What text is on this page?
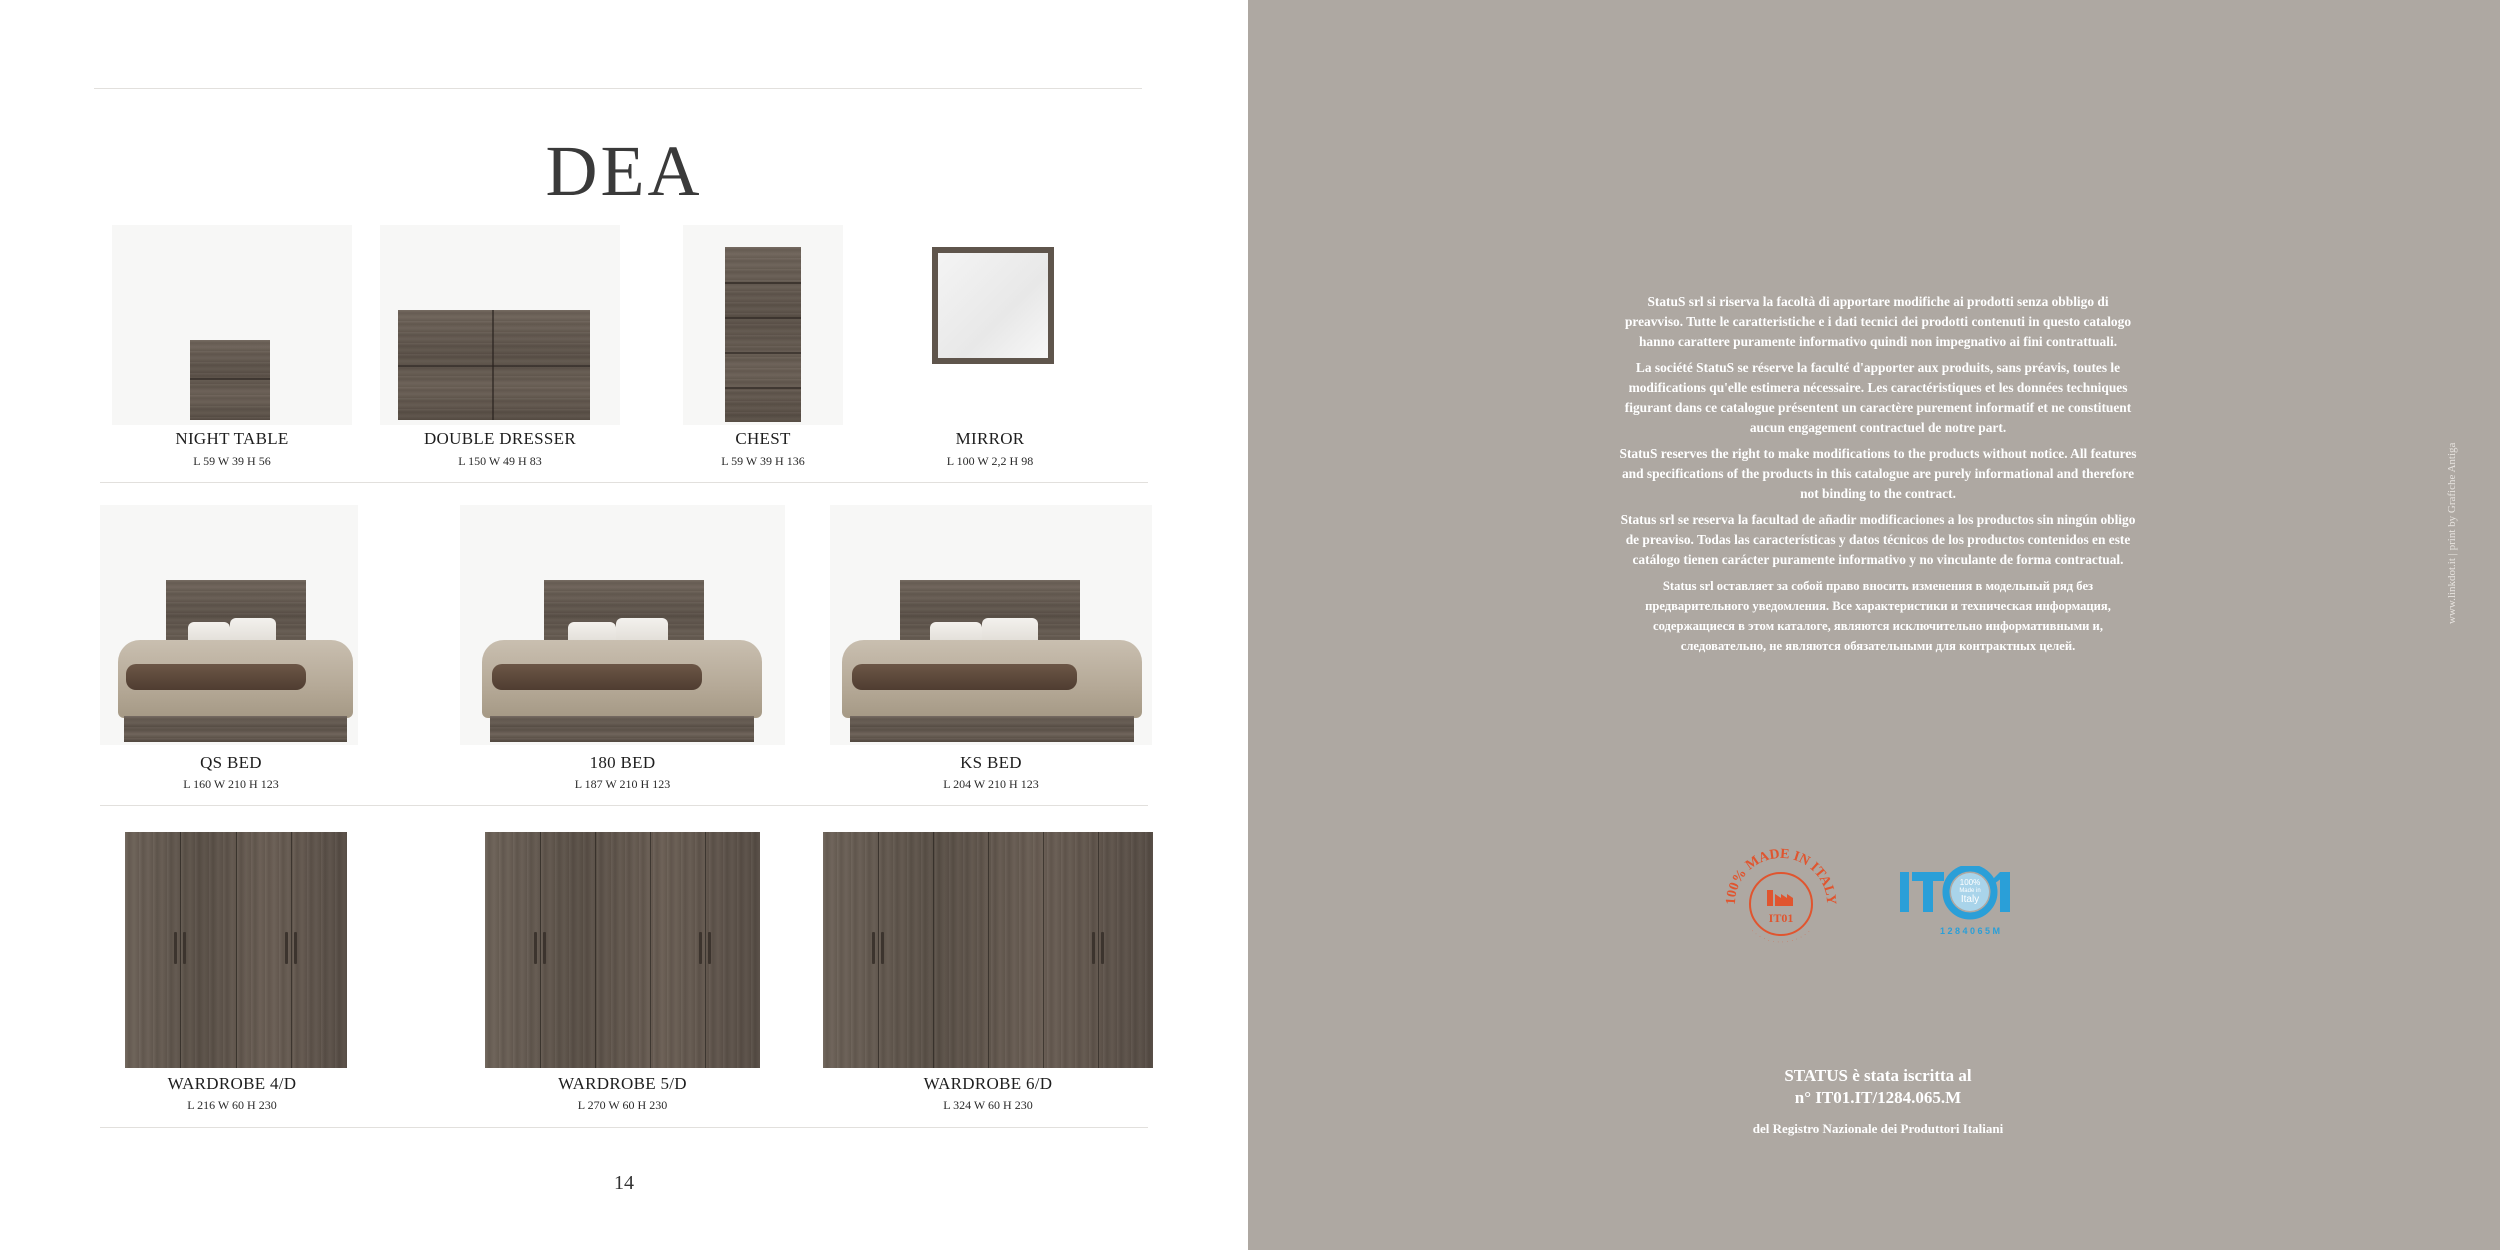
DEA
NIGHT TABLE
L 59 W 39 H 56
DOUBLE DRESSER
L 150 W 49 H 83
CHEST
L 59 W 39 H 136
MIRROR
L 100 W 2,2 H 98
QS BED
L 160 W 210 H 123
180 BED
L 187 W 210 H 123
KS BED
L 204 W 210 H 123
WARDROBE 4/D
L 216 W 60 H 230
WARDROBE 5/D
L 270 W 60 H 230
WARDROBE 6/D
L 324 W 60 H 230
14

StatuS srl si riserva la facoltà di apportare modifiche ai prodotti senza obbligo di preavviso. Tutte le caratteristiche e i dati tecnici dei prodotti contenuti in questo catalogo hanno carattere puramente informativo quindi non impegnativo ai fini contrattuali.

La société StatuS se réserve la faculté d'apporter aux produits, sans préavis, toutes le modifications qu'elle estimera nécessaire. Les caractéristiques et les données techniques figurant dans ce catalogue présentent un caractère purement informatif et ne constituent aucun engagement contractuel de notre part.

StatuS reserves the right to make modifications to the products without notice. All features and specifications of the products in this catalogue are purely informational and therefore not binding to the contract.

Status srl se reserva la facultad de añadir modificaciones a los productos sin ningún obligo de preaviso. Todas las características y datos técnicos de los productos contenidos en este catálogo tienen carácter puramente informativo y no vinculante de forma contractual.

Status srl оставляет за собой право вносить изменения в модельный ряд без предварительного уведомления. Все характеристики и техническая информация, содержащиеся в этом каталоге, являются исключительно информативными и, следовательно, не являются обязательными для контрактных целей.

100% MADE IN ITALY
· · · · · · · · · · · · · ·
IT01
100%
Made in
Italy
1 2 8 4 0 6 5 M
STATUS è stata iscritta al
n° IT01.IT/1284.065.M
del Registro Nazionale dei Produttori Italiani
www.linkdot.it | print by Grafiche Antiga
